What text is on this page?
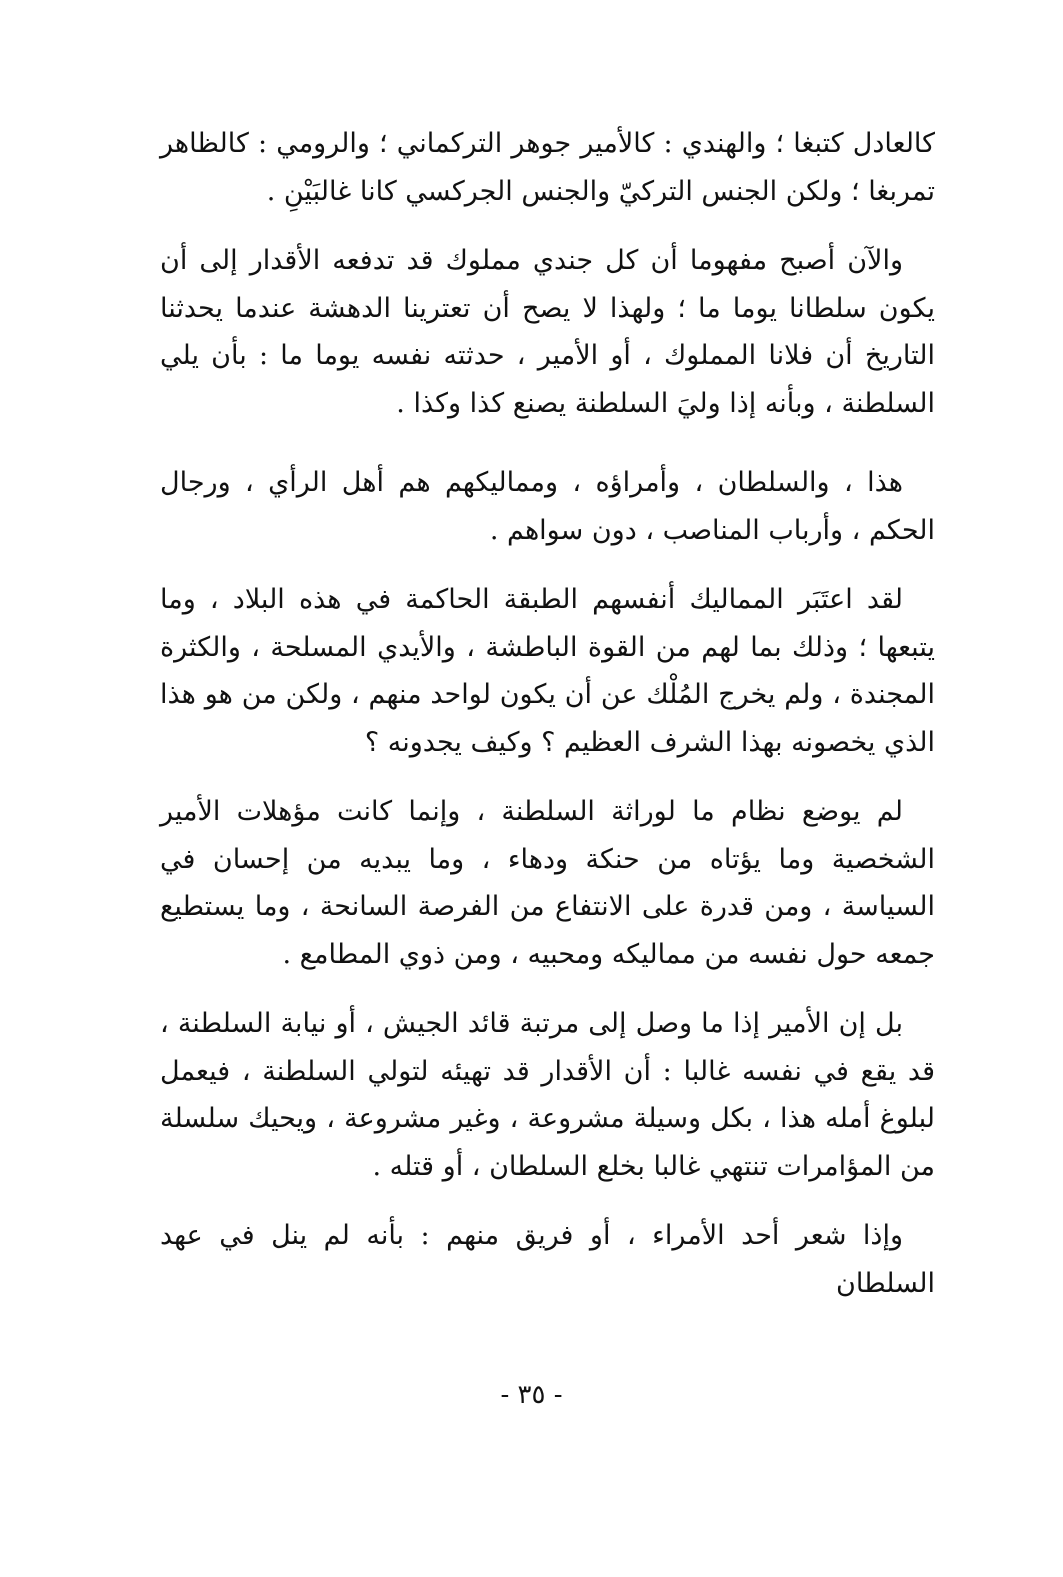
كالعادل كتبغا ؛ والهندي : كالأمير جوهر التركماني ؛ والرومي : كالظاهر تمربغا ؛ ولكن الجنس التركيّ والجنس الجركسي كانا غالبَيْنِ .

والآن أصبح مفهوما أن كل جندي مملوك قد تدفعه الأقدار إلى أن يكون سلطانا يوما ما ؛ ولهذا لا يصح أن تعترينا الدهشة عندما يحدثنا التاريخ أن فلانا المملوك ، أو الأمير ، حدثته نفسه يوما ما : بأن يلي السلطنة ، وبأنه إذا وليَ السلطنة يصنع كذا وكذا .

هذا ، والسلطان ، وأمراؤه ، ومماليكهم هم أهل الرأي ، ورجال الحكم ، وأرباب المناصب ، دون سواهم .

لقد اعتَبَر المماليك أنفسهم الطبقة الحاكمة في هذه البلاد ، وما يتبعها ؛ وذلك بما لهم من القوة الباطشة ، والأيدي المسلحة ، والكثرة المجندة ، ولم يخرج المُلْك عن أن يكون لواحد منهم ، ولكن من هو هذا الذي يخصونه بهذا الشرف العظيم ؟ وكيف يجدونه ؟

لم يوضع نظام ما لوراثة السلطنة ، وإنما كانت مؤهلات الأمير الشخصية وما يؤتاه من حنكة ودهاء ، وما يبديه من إحسان في السياسة ، ومن قدرة على الانتفاع من الفرصة السانحة ، وما يستطيع جمعه حول نفسه من مماليكه ومحبيه ، ومن ذوي المطامع .

بل إن الأمير إذا ما وصل إلى مرتبة قائد الجيش ، أو نيابة السلطنة ، قد يقع في نفسه غالبا : أن الأقدار قد تهيئه لتولي السلطنة ، فيعمل لبلوغ أمله هذا ، بكل وسيلة مشروعة ، وغير مشروعة ، ويحيك سلسلة من المؤامرات تنتهي غالبا بخلع السلطان ، أو قتله .

وإذا شعر أحد الأمراء ، أو فريق منهم : بأنه لم ينل في عهد السلطان

- ٣٥ -
